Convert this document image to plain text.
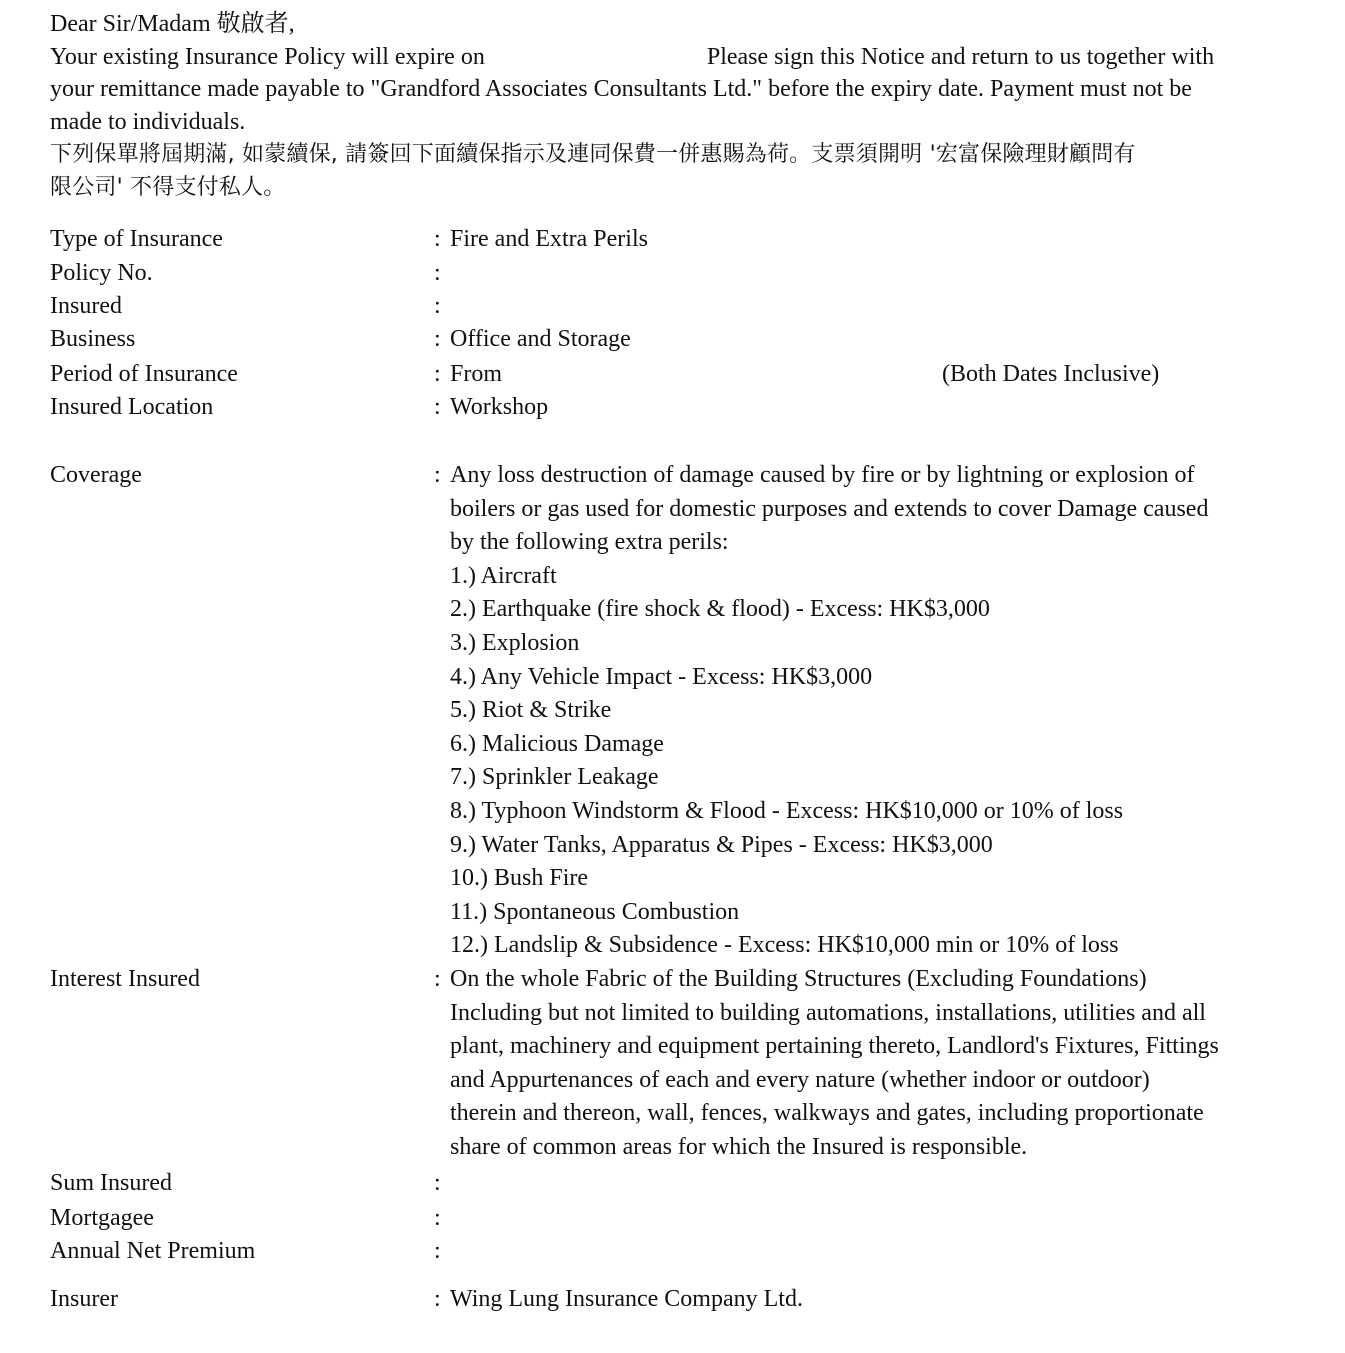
Dear Sir/Madam 敬啟者,

Your existing Insurance Policy will expire on	Please sign this Notice and return to us together with

your remittance made payable to "Grandford Associates Consultants Ltd." before the expiry date. Payment must not be

made to individuals.

下列保單將屆期滿, 如蒙續保, 請簽回下面續保指示及連同保費一併惠賜為荷。支票須開明 '宏富保險理財顧問有

限公司' 不得支付私人。

Type of Insurance	: Fire and Extra Perils
Policy No.	:
Insured	:
Business	: Office and Storage
Period of Insurance	: From	(Both Dates Inclusive)
Insured Location	: Workshop
Coverage	: Any loss destruction of damage caused by fire or by lightning or explosion of
boilers or gas used for domestic purposes and extends to cover Damage caused
by the following extra perils:
1.) Aircraft
2.) Earthquake (fire shock & flood) - Excess: HK$3,000
3.) Explosion
4.) Any Vehicle Impact - Excess: HK$3,000
5.) Riot & Strike
6.) Malicious Damage
7.) Sprinkler Leakage
8.) Typhoon Windstorm & Flood - Excess: HK$10,000 or 10% of loss
9.) Water Tanks, Apparatus & Pipes - Excess: HK$3,000
10.) Bush Fire
11.) Spontaneous Combustion
12.) Landslip & Subsidence - Excess: HK$10,000 min or 10% of loss
Interest Insured	: On the whole Fabric of the Building Structures (Excluding Foundations)
Including but not limited to building automations, installations, utilities and all
plant, machinery and equipment pertaining thereto, Landlord's Fixtures, Fittings
and Appurtenances of each and every nature (whether indoor or outdoor)
therein and thereon, wall, fences, walkways and gates, including proportionate
share of common areas for which the Insured is responsible.
Sum Insured	:
Mortgagee	:
Annual Net Premium	:
Insurer	: Wing Lung Insurance Company Ltd.
